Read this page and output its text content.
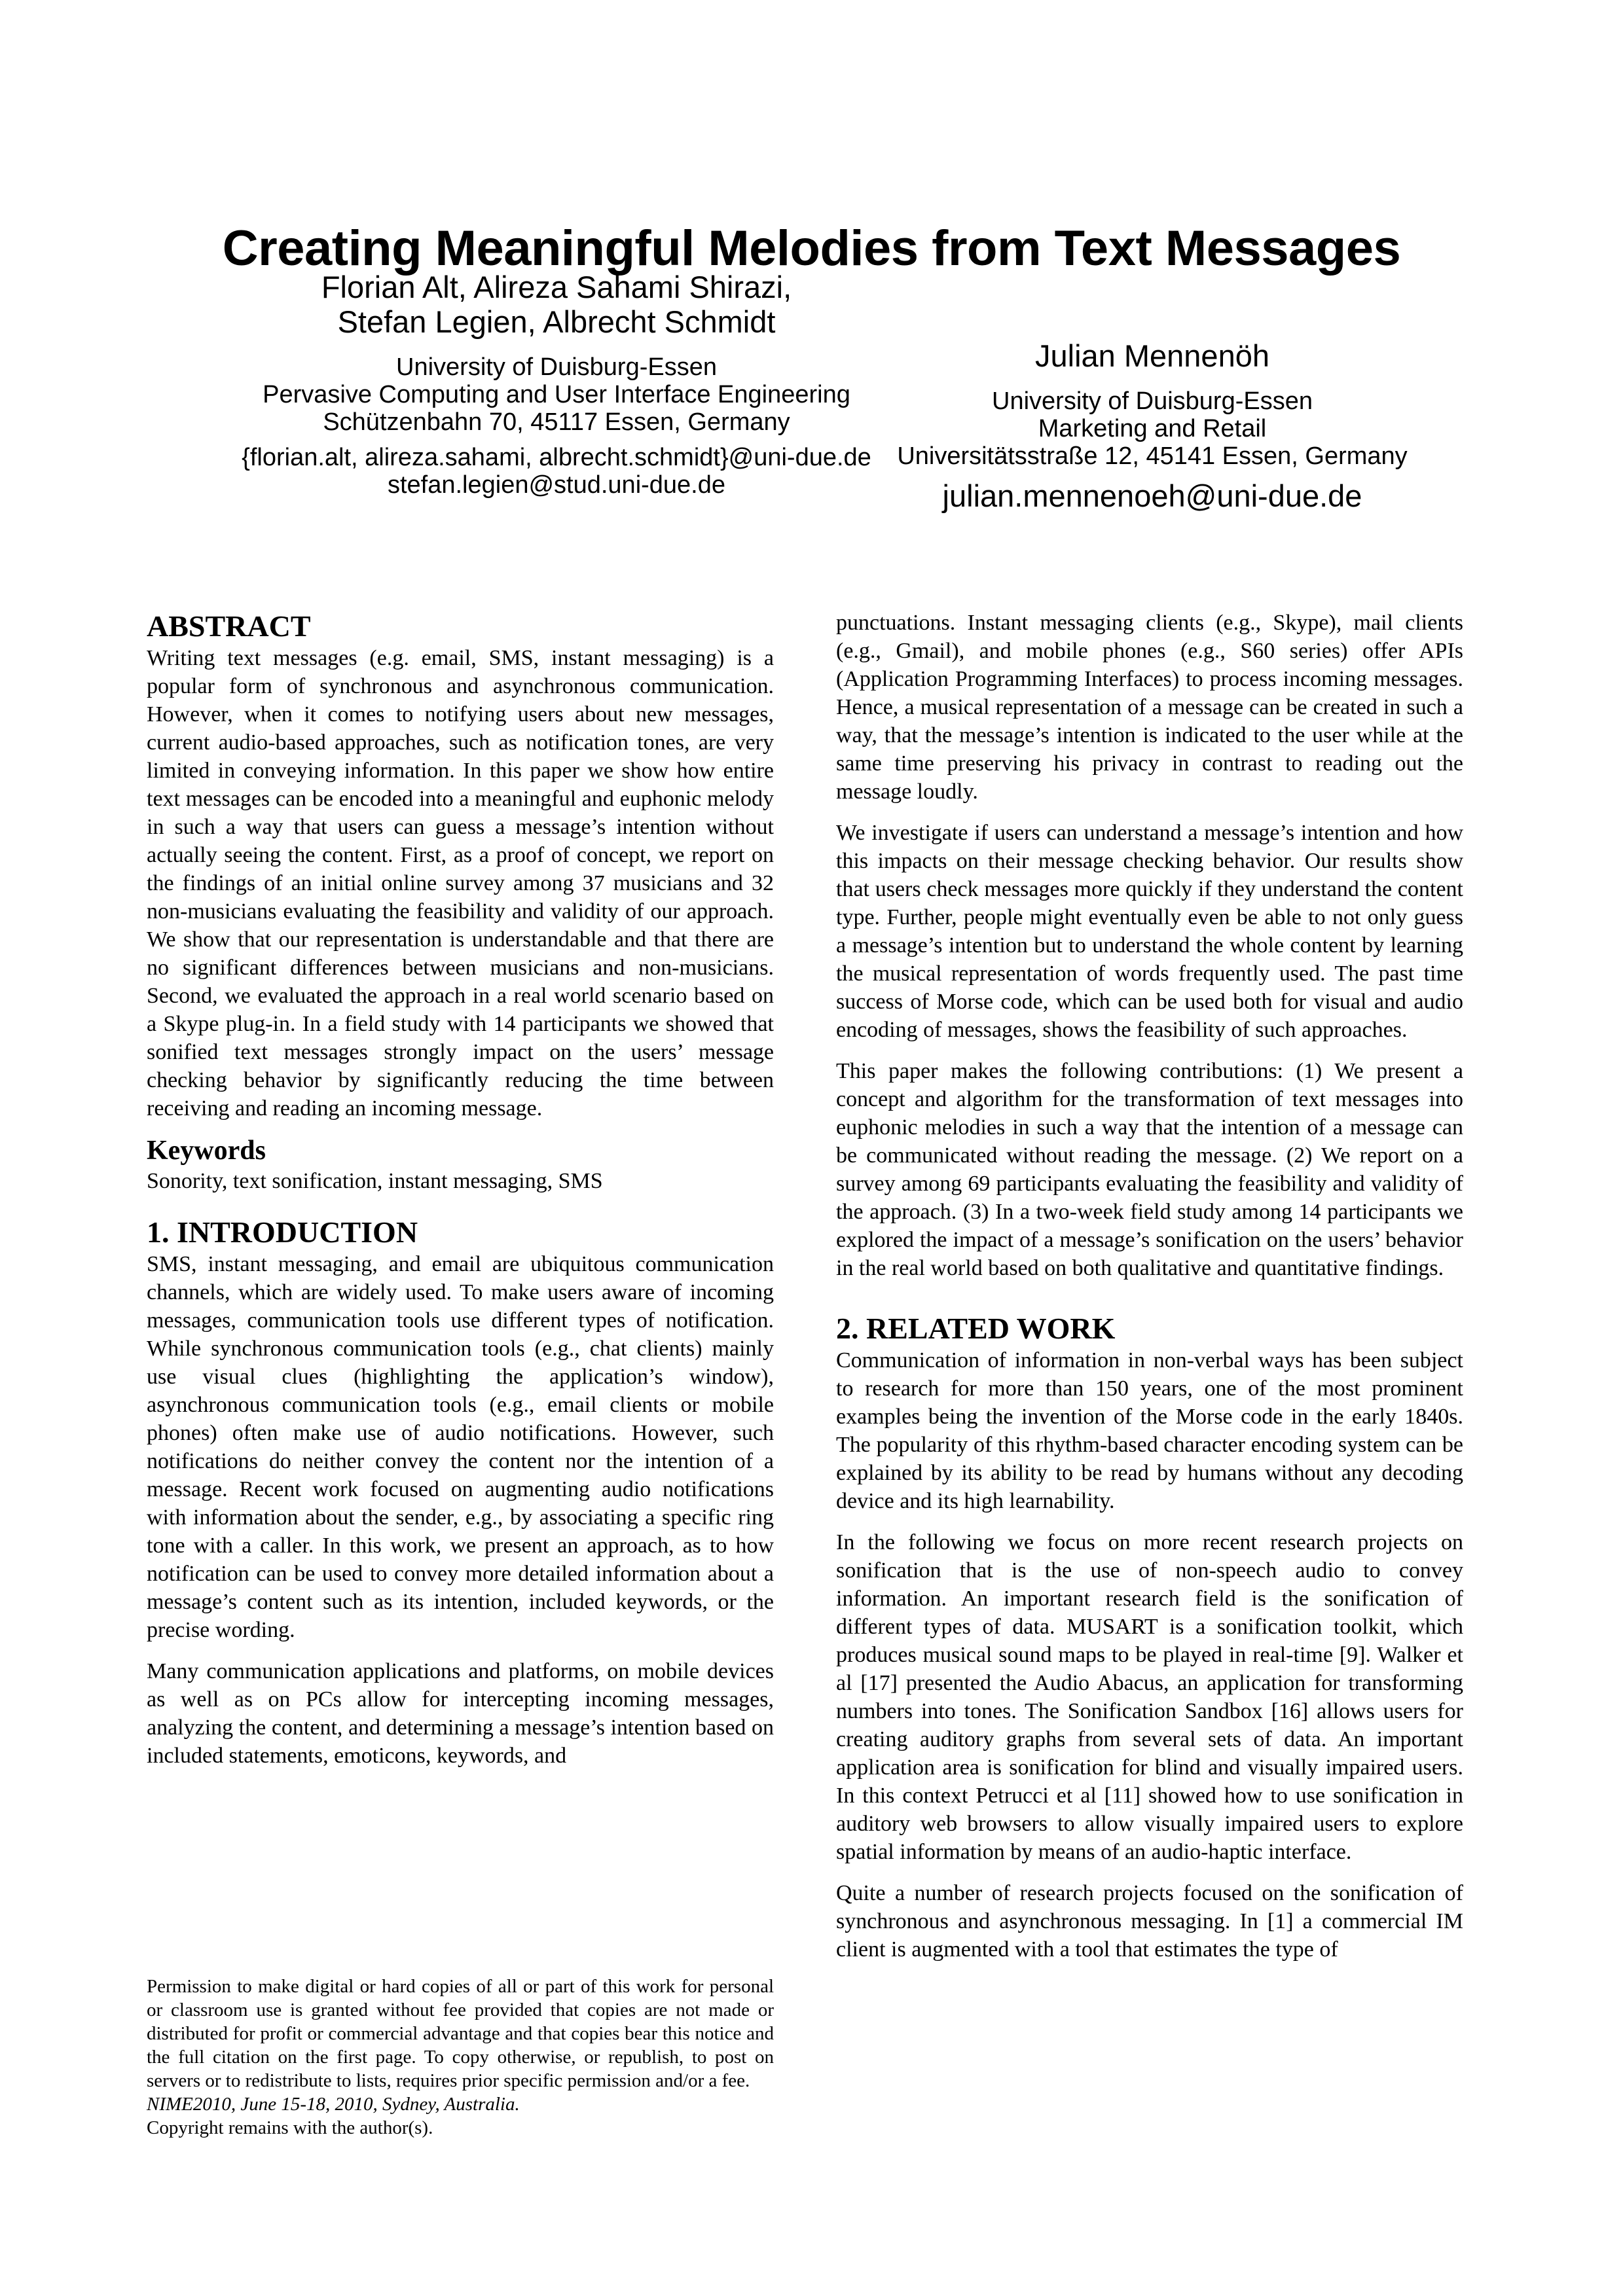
Creating Meaningful Melodies from Text Messages
Florian Alt, Alireza Sahami Shirazi,
Stefan Legien, Albrecht Schmidt
University of Duisburg-Essen
Pervasive Computing and User Interface Engineering
Schützenbahn 70, 45117 Essen, Germany
{florian.alt, alireza.sahami, albrecht.schmidt}@uni-due.de
stefan.legien@stud.uni-due.de
Julian Mennenöh
University of Duisburg-Essen
Marketing and Retail
Universitätsstraße 12, 45141 Essen, Germany
julian.mennenoeh@uni-due.de
ABSTRACT

Writing text messages (e.g. email, SMS, instant messaging) is a popular form of synchronous and asynchronous communication. However, when it comes to notifying users about new messages, current audio-based approaches, such as notification tones, are very limited in conveying information. In this paper we show how entire text messages can be encoded into a meaningful and euphonic melody in such a way that users can guess a message’s intention without actually seeing the content. First, as a proof of concept, we report on the findings of an initial online survey among 37 musicians and 32 non-musicians evaluating the feasibility and validity of our approach. We show that our representation is understandable and that there are no significant differences between musicians and non-musicians. Second, we evaluated the approach in a real world scenario based on a Skype plug-in. In a field study with 14 participants we showed that sonified text messages strongly impact on the users’ message checking behavior by significantly reducing the time between receiving and reading an incoming message.

Keywords

Sonority, text sonification, instant messaging, SMS

1. INTRODUCTION

SMS, instant messaging, and email are ubiquitous communication channels, which are widely used. To make users aware of incoming messages, communication tools use different types of notification. While synchronous communication tools (e.g., chat clients) mainly use visual clues (highlighting the application’s window), asynchronous communication tools (e.g., email clients or mobile phones) often make use of audio notifications. However, such notifications do neither convey the content nor the intention of a message. Recent work focused on augmenting audio notifications with information about the sender, e.g., by associating a specific ring tone with a caller. In this work, we present an approach, as to how notification can be used to convey more detailed information about a message’s content such as its intention, included keywords, or the precise wording.

Many communication applications and platforms, on mobile devices as well as on PCs allow for intercepting incoming messages, analyzing the content, and determining a message’s intention based on included statements, emoticons, keywords, and

Permission to make digital or hard copies of all or part of this work for personal or classroom use is granted without fee provided that copies are not made or distributed for profit or commercial advantage and that copies bear this notice and the full citation on the first page. To copy otherwise, or republish, to post on servers or to redistribute to lists, requires prior specific permission and/or a fee.

NIME2010, June 15-18, 2010, Sydney, Australia.

Copyright remains with the author(s).

punctuations. Instant messaging clients (e.g., Skype), mail clients (e.g., Gmail), and mobile phones (e.g., S60 series) offer APIs (Application Programming Interfaces) to process incoming messages. Hence, a musical representation of a message can be created in such a way, that the message’s intention is indicated to the user while at the same time preserving his privacy in contrast to reading out the message loudly.

We investigate if users can understand a message’s intention and how this impacts on their message checking behavior. Our results show that users check messages more quickly if they understand the content type. Further, people might eventually even be able to not only guess a message’s intention but to understand the whole content by learning the musical representation of words frequently used. The past time success of Morse code, which can be used both for visual and audio encoding of messages, shows the feasibility of such approaches.

This paper makes the following contributions: (1) We present a concept and algorithm for the transformation of text messages into euphonic melodies in such a way that the intention of a message can be communicated without reading the message. (2) We report on a survey among 69 participants evaluating the feasibility and validity of the approach. (3) In a two-week field study among 14 participants we explored the impact of a message’s sonification on the users’ behavior in the real world based on both qualitative and quantitative findings.

2. RELATED WORK

Communication of information in non-verbal ways has been subject to research for more than 150 years, one of the most prominent examples being the invention of the Morse code in the early 1840s. The popularity of this rhythm-based character encoding system can be explained by its ability to be read by humans without any decoding device and its high learnability.

In the following we focus on more recent research projects on sonification that is the use of non-speech audio to convey information. An important research field is the sonification of different types of data. MUSART is a sonification toolkit, which produces musical sound maps to be played in real-time [9]. Walker et al [17] presented the Audio Abacus, an application for transforming numbers into tones. The Sonification Sandbox [16] allows users for creating auditory graphs from several sets of data. An important application area is sonification for blind and visually impaired users. In this context Petrucci et al [11] showed how to use sonification in auditory web browsers to allow visually impaired users to explore spatial information by means of an audio-haptic interface.

Quite a number of research projects focused on the sonification of synchronous and asynchronous messaging. In [1] a commercial IM client is augmented with a tool that estimates the type of
